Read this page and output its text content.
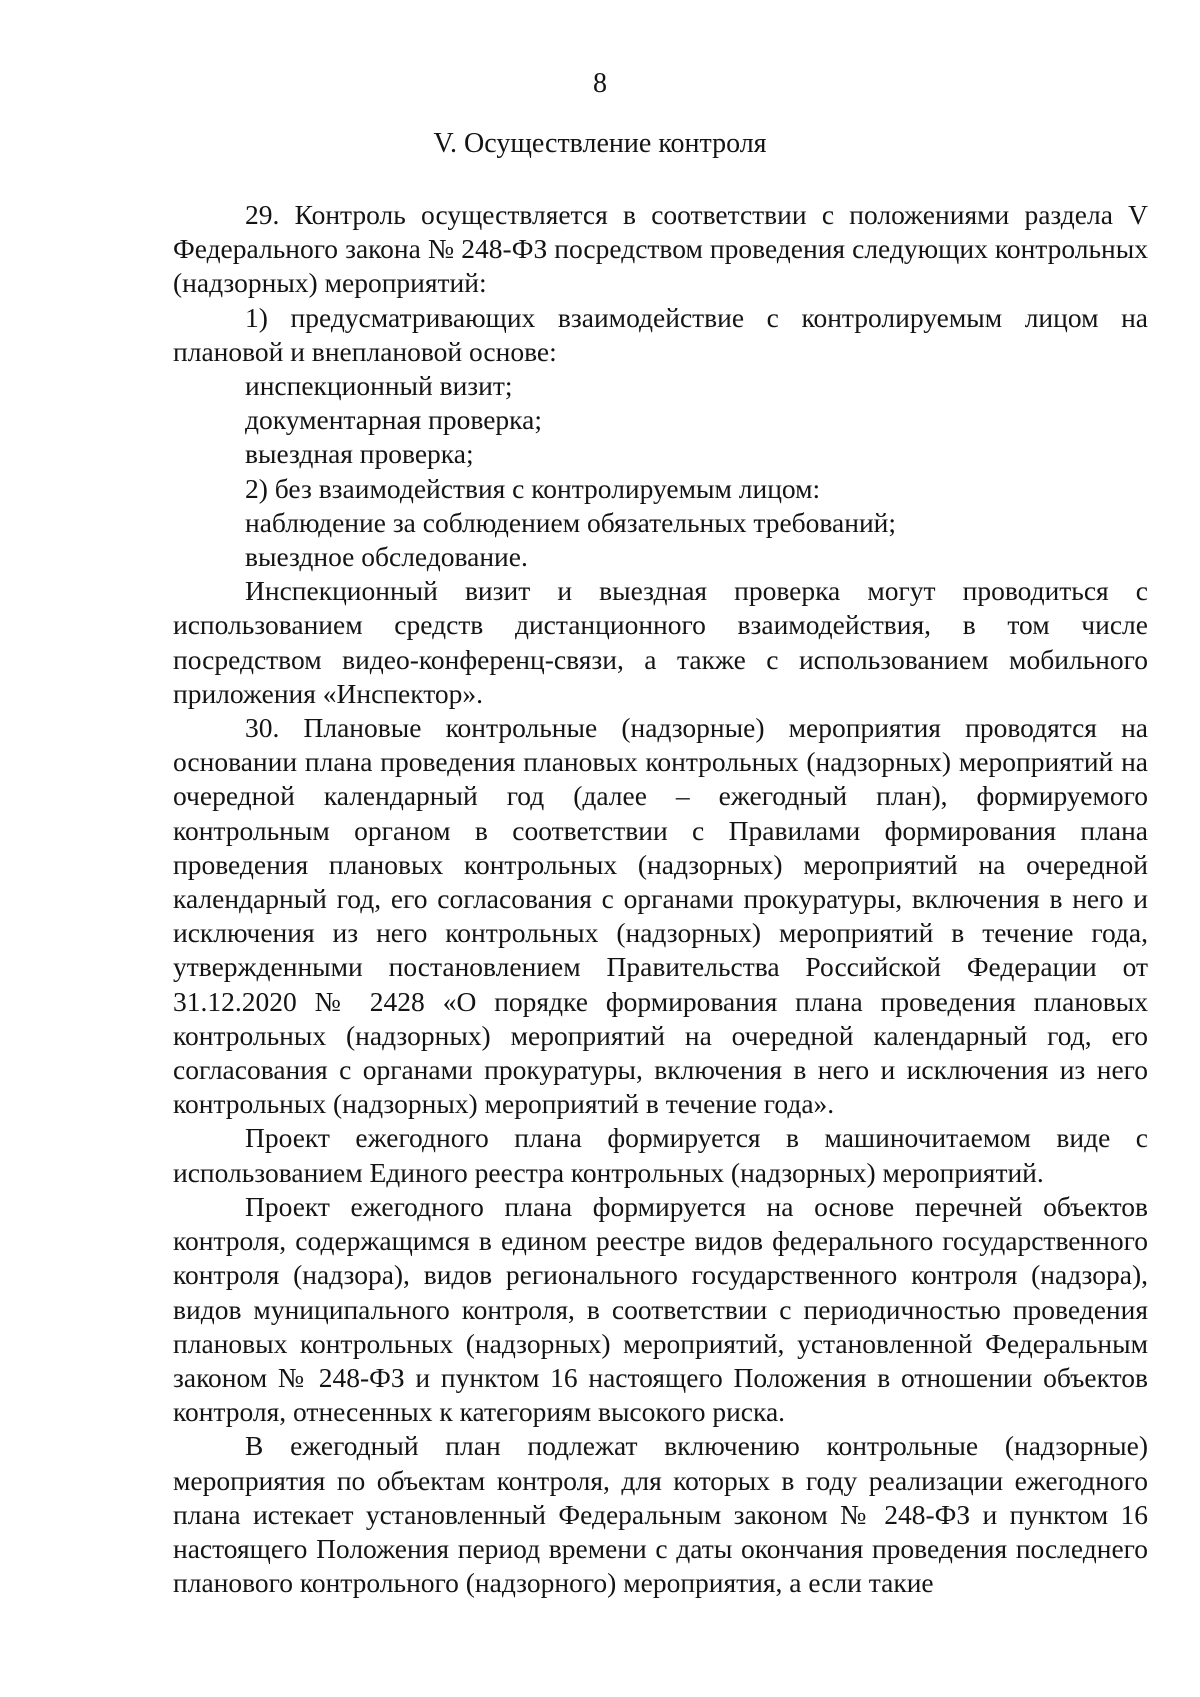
8
V. Осуществление контроля

29. Контроль осуществляется в соответствии с положениями раздела V Федерального закона № 248-ФЗ посредством проведения следующих контрольных (надзорных) мероприятий:

1) предусматривающих взаимодействие с контролируемым лицом на плановой и внеплановой основе:

инспекционный визит;

документарная проверка;

выездная проверка;

2) без взаимодействия с контролируемым лицом:

наблюдение за соблюдением обязательных требований;

выездное обследование.

Инспекционный визит и выездная проверка могут проводиться с использованием средств дистанционного взаимодействия, в том числе посредством видео-конференц-связи, а также с использованием мобильного приложения «Инспектор».

30. Плановые контрольные (надзорные) мероприятия проводятся на основании плана проведения плановых контрольных (надзорных) мероприятий на очередной календарный год (далее – ежегодный план), формируемого контрольным органом в соответствии с Правилами формирования плана проведения плановых контрольных (надзорных) мероприятий на очередной календарный год, его согласования с органами прокуратуры, включения в него и исключения из него контрольных (надзорных) мероприятий в течение года, утвержденными постановлением Правительства Российской Федерации от 31.12.2020 № 2428 «О порядке формирования плана проведения плановых контрольных (надзорных) мероприятий на очередной календарный год, его согласования с органами прокуратуры, включения в него и исключения из него контрольных (надзорных) мероприятий в течение года».

Проект ежегодного плана формируется в машиночитаемом виде с использованием Единого реестра контрольных (надзорных) мероприятий.

Проект ежегодного плана формируется на основе перечней объектов контроля, содержащимся в едином реестре видов федерального государственного контроля (надзора), видов регионального государственного контроля (надзора), видов муниципального контроля, в соответствии с периодичностью проведения плановых контрольных (надзорных) мероприятий, установленной Федеральным законом № 248-ФЗ и пунктом 16 настоящего Положения в отношении объектов контроля, отнесенных к категориям высокого риска.

В ежегодный план подлежат включению контрольные (надзорные) мероприятия по объектам контроля, для которых в году реализации ежегодного плана истекает установленный Федеральным законом № 248-ФЗ и пунктом 16 настоящего Положения период времени с даты окончания проведения последнего планового контрольного (надзорного) мероприятия, а если такие
